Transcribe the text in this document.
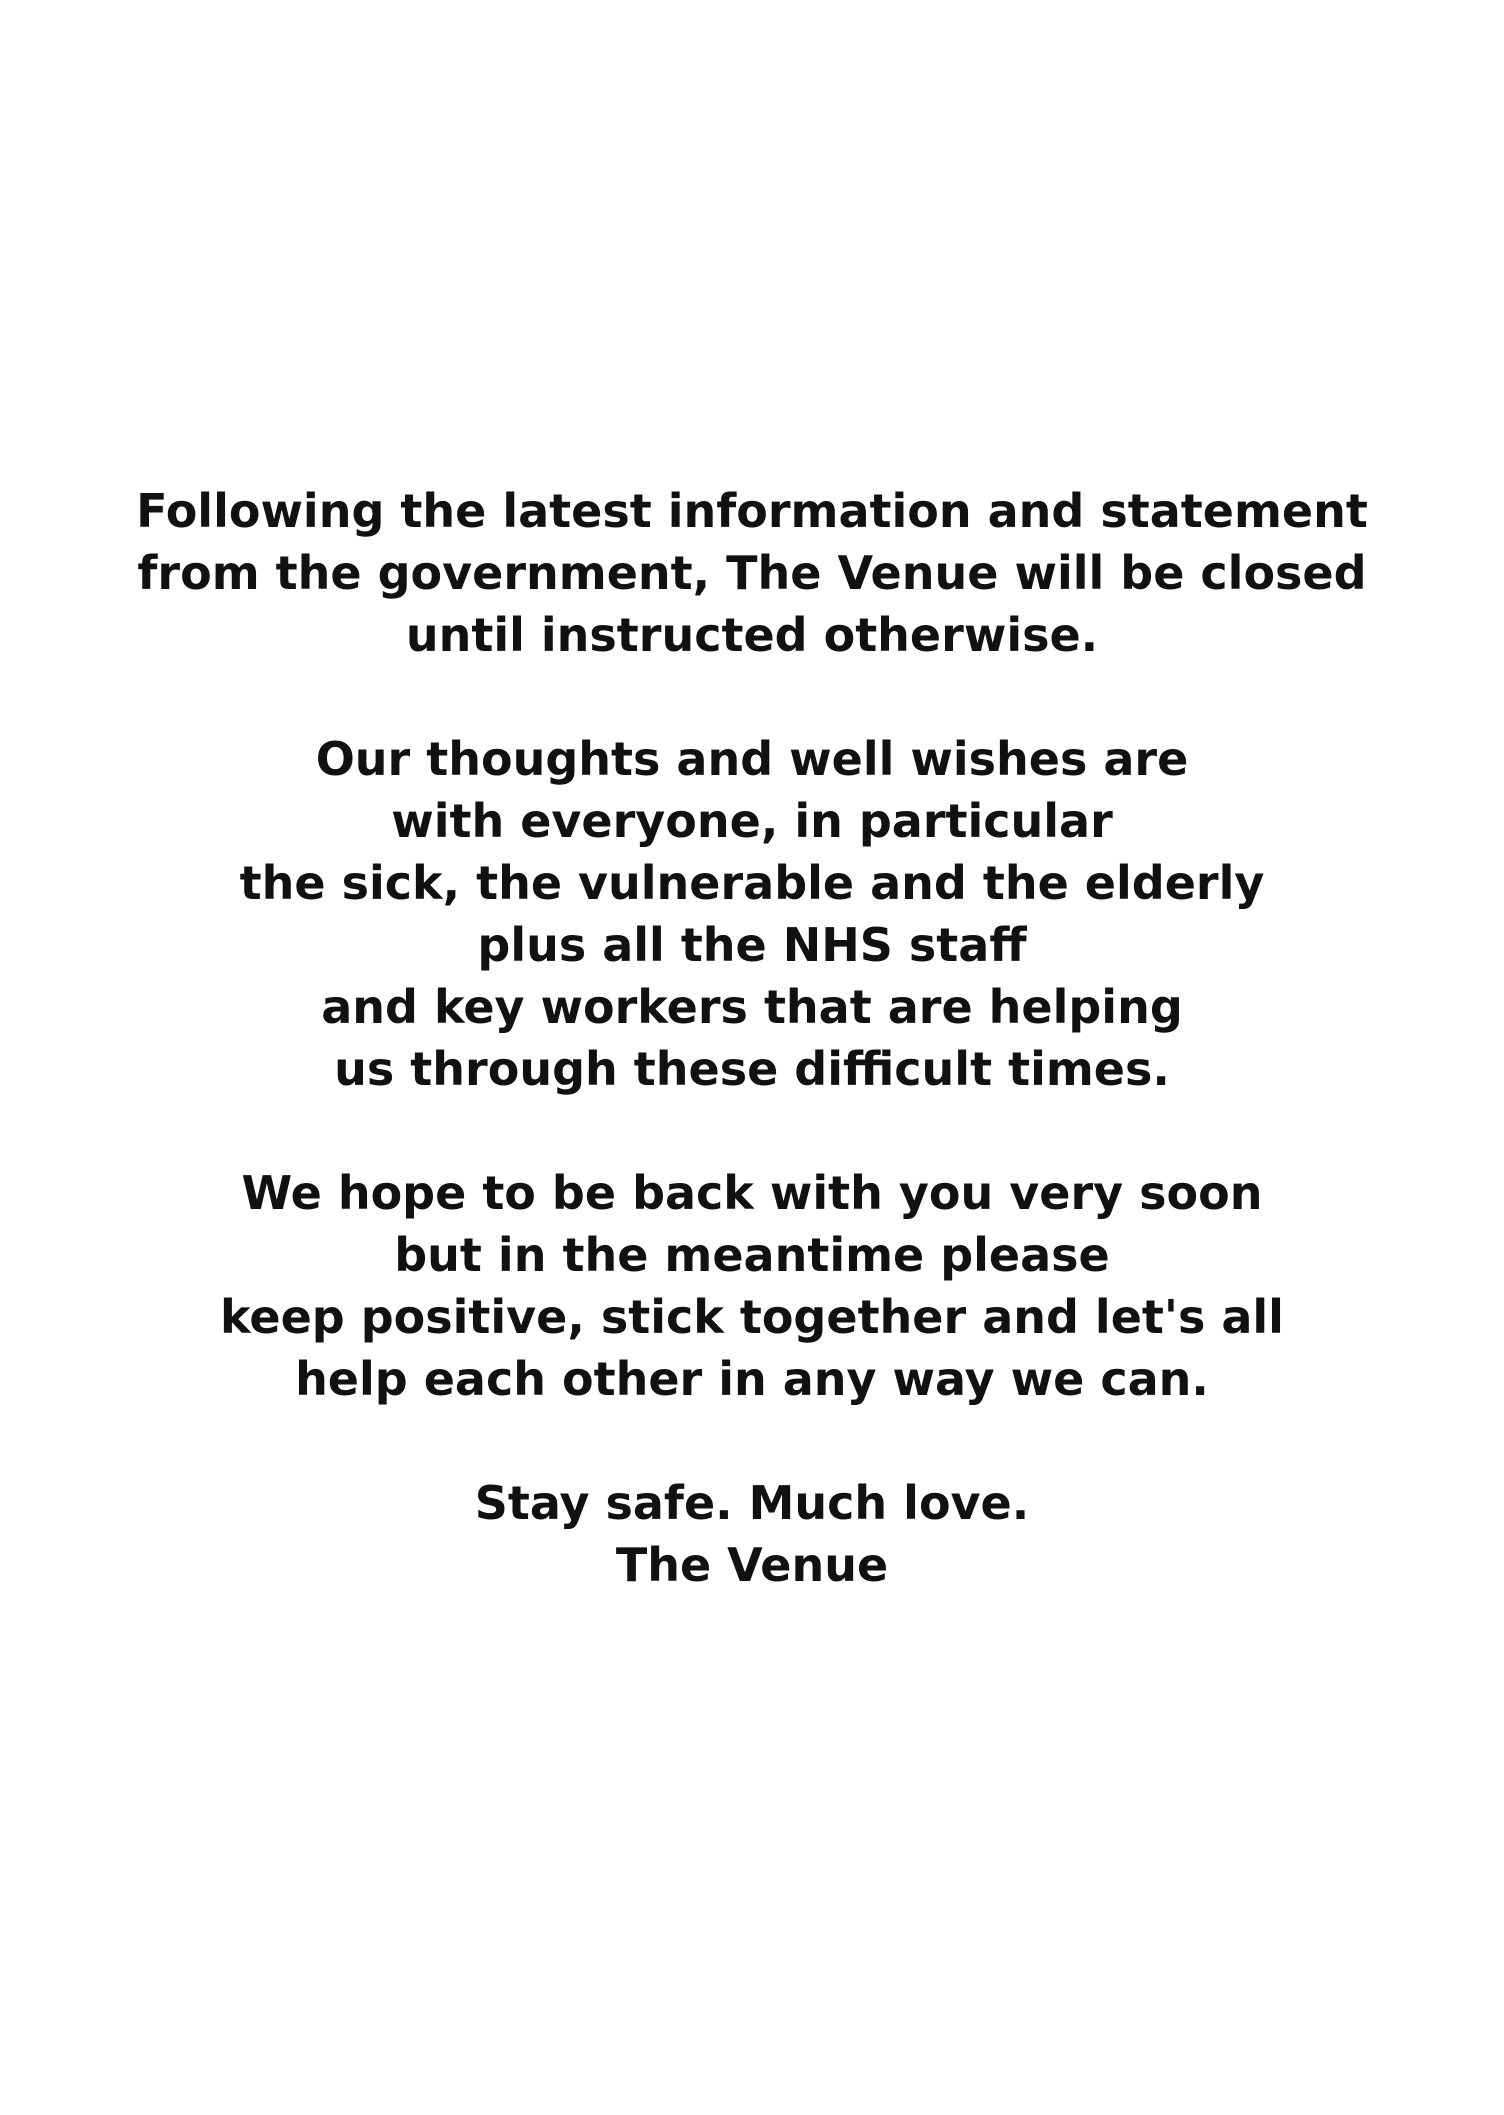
Following the latest information and statement
from the government, The Venue will be closed
until instructed otherwise.

Our thoughts and well wishes are
with everyone, in particular
the sick, the vulnerable and the elderly
plus all the NHS staff
and key workers that are helping
us through these difficult times.

We hope to be back with you very soon
but in the meantime please
keep positive, stick together and let's all
help each other in any way we can.

Stay safe. Much love.
The Venue
